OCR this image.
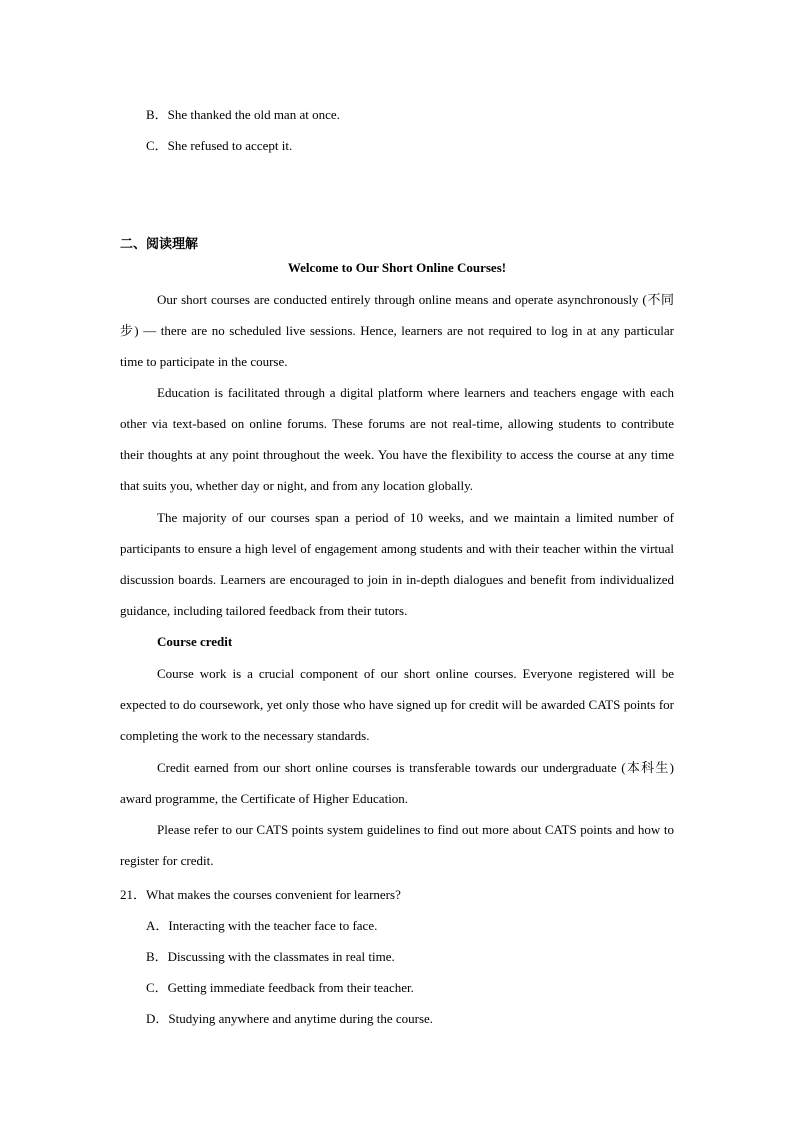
B．She thanked the old man at once.
C．She refused to accept it.
二、阅读理解
Welcome to Our Short Online Courses!
Our short courses are conducted entirely through online means and operate asynchronously (不同步) — there are no scheduled live sessions. Hence, learners are not required to log in at any particular time to participate in the course.
Education is facilitated through a digital platform where learners and teachers engage with each other via text-based on online forums. These forums are not real-time, allowing students to contribute their thoughts at any point throughout the week. You have the flexibility to access the course at any time that suits you, whether day or night, and from any location globally.
The majority of our courses span a period of 10 weeks, and we maintain a limited number of participants to ensure a high level of engagement among students and with their teacher within the virtual discussion boards. Learners are encouraged to join in in-depth dialogues and benefit from individualized guidance, including tailored feedback from their tutors.
Course credit
Course work is a crucial component of our short online courses. Everyone registered will be expected to do coursework, yet only those who have signed up for credit will be awarded CATS points for completing the work to the necessary standards.
Credit earned from our short online courses is transferable towards our undergraduate (本科生) award programme, the Certificate of Higher Education.
Please refer to our CATS points system guidelines to find out more about CATS points and how to register for credit.
21．What makes the courses convenient for learners?
A．Interacting with the teacher face to face.
B．Discussing with the classmates in real time.
C．Getting immediate feedback from their teacher.
D．Studying anywhere and anytime during the course.
